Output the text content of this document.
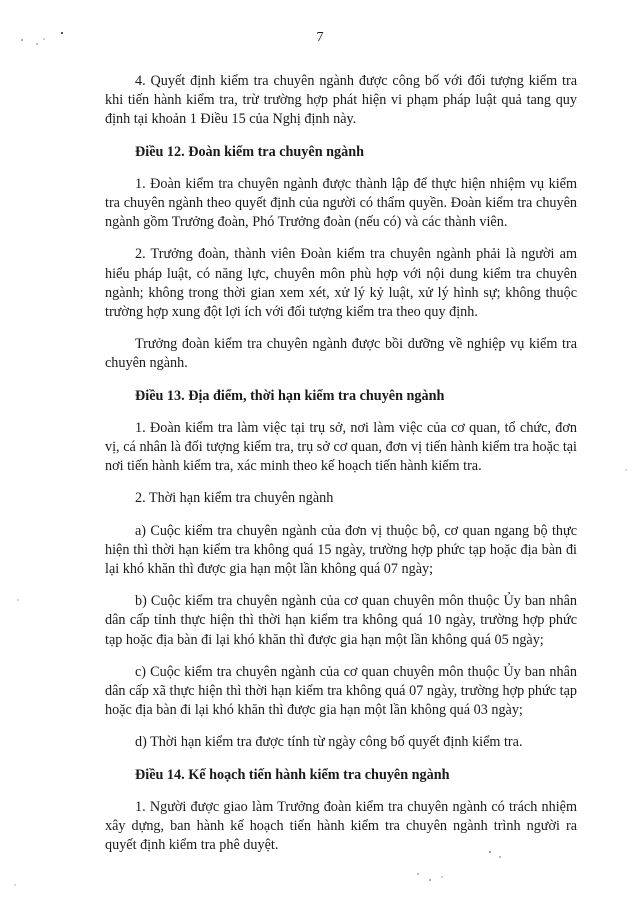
7

4. Quyết định kiểm tra chuyên ngành được công bố với đối tượng kiểm tra khi tiến hành kiểm tra, trừ trường hợp phát hiện vi phạm pháp luật quả tang quy định tại khoản 1 Điều 15 của Nghị định này.

Điều 12. Đoàn kiểm tra chuyên ngành

1. Đoàn kiểm tra chuyên ngành được thành lập để thực hiện nhiệm vụ kiểm tra chuyên ngành theo quyết định của người có thẩm quyền. Đoàn kiểm tra chuyên ngành gồm Trưởng đoàn, Phó Trưởng đoàn (nếu có) và các thành viên.

2. Trưởng đoàn, thành viên Đoàn kiểm tra chuyên ngành phải là người am hiểu pháp luật, có năng lực, chuyên môn phù hợp với nội dung kiểm tra chuyên ngành; không trong thời gian xem xét, xử lý kỷ luật, xử lý hình sự; không thuộc trường hợp xung đột lợi ích với đối tượng kiểm tra theo quy định.

Trưởng đoàn kiểm tra chuyên ngành được bồi dưỡng về nghiệp vụ kiểm tra chuyên ngành.

Điều 13. Địa điểm, thời hạn kiểm tra chuyên ngành

1. Đoàn kiểm tra làm việc tại trụ sở, nơi làm việc của cơ quan, tổ chức, đơn vị, cá nhân là đối tượng kiểm tra, trụ sở cơ quan, đơn vị tiến hành kiểm tra hoặc tại nơi tiến hành kiểm tra, xác minh theo kế hoạch tiến hành kiểm tra.

2. Thời hạn kiểm tra chuyên ngành

a) Cuộc kiểm tra chuyên ngành của đơn vị thuộc bộ, cơ quan ngang bộ thực hiện thì thời hạn kiểm tra không quá 15 ngày, trường hợp phức tạp hoặc địa bàn đi lại khó khăn thì được gia hạn một lần không quá 07 ngày;

b) Cuộc kiểm tra chuyên ngành của cơ quan chuyên môn thuộc Ủy ban nhân dân cấp tỉnh thực hiện thì thời hạn kiểm tra không quá 10 ngày, trường hợp phức tạp hoặc địa bàn đi lại khó khăn thì được gia hạn một lần không quá 05 ngày;

c) Cuộc kiểm tra chuyên ngành của cơ quan chuyên môn thuộc Ủy ban nhân dân cấp xã thực hiện thì thời hạn kiểm tra không quá 07 ngày, trường hợp phức tạp hoặc địa bàn đi lại khó khăn thì được gia hạn một lần không quá 03 ngày;

d) Thời hạn kiểm tra được tính từ ngày công bố quyết định kiểm tra.

Điều 14. Kế hoạch tiến hành kiểm tra chuyên ngành

1. Người được giao làm Trưởng đoàn kiểm tra chuyên ngành có trách nhiệm xây dựng, ban hành kế hoạch tiến hành kiểm tra chuyên ngành trình người ra quyết định kiểm tra phê duyệt.
